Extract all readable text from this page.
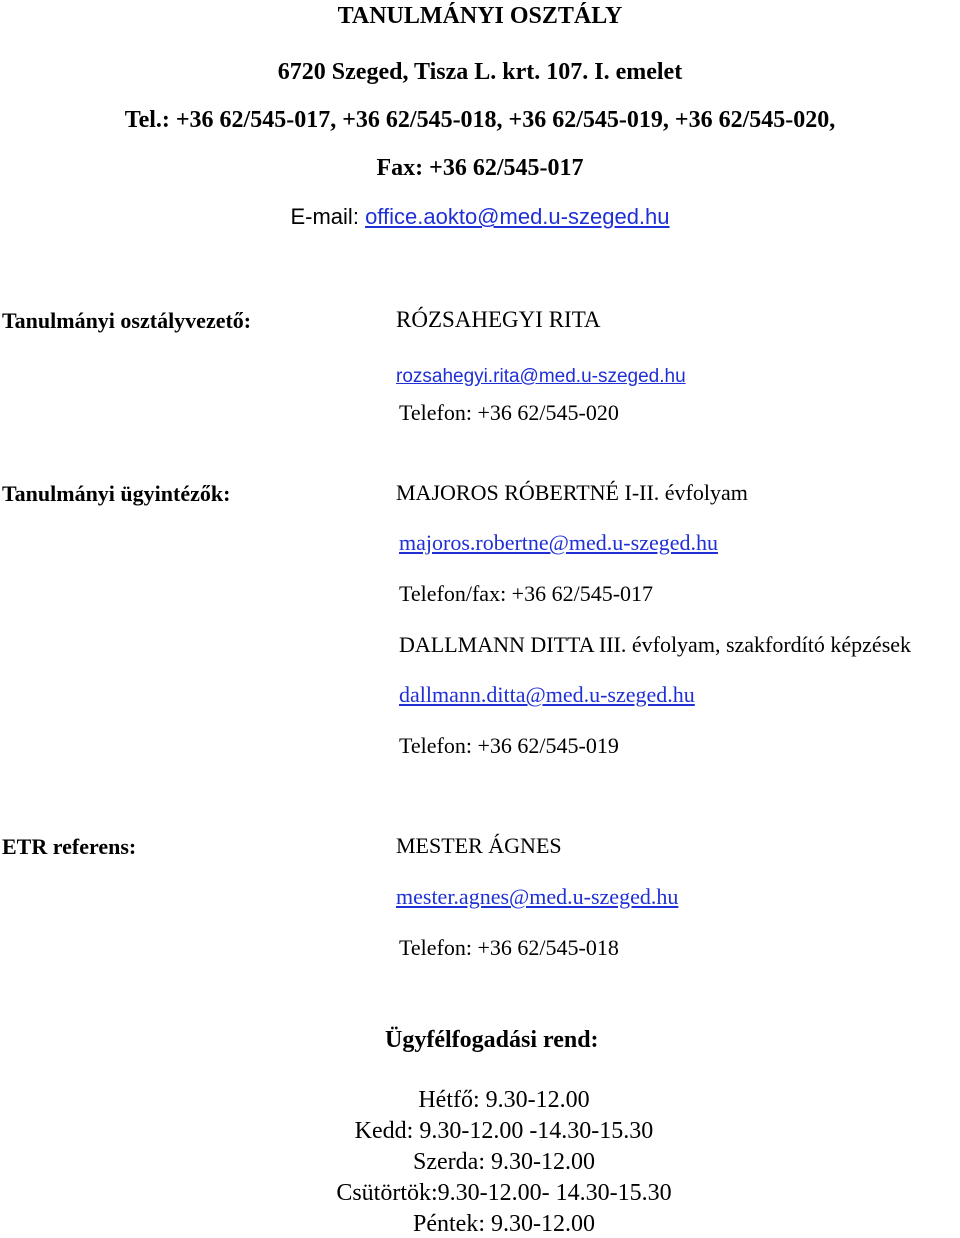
TANULMÁNYI OSZTÁLY
6720 Szeged, Tisza L. krt. 107. I. emelet
Tel.: +36 62/545-017, +36 62/545-018, +36 62/545-019, +36 62/545-020,
Fax: +36 62/545-017
E-mail: office.aokto@med.u-szeged.hu
Tanulmányi osztályvezető:	RÓZSAHEGYI RITA
rozsahegyi.rita@med.u-szeged.hu
Telefon: +36 62/545-020
Tanulmányi ügyintézők:	MAJOROS RÓBERTNÉ I-II. évfolyam
majoros.robertne@med.u-szeged.hu
Telefon/fax: +36 62/545-017
DALLMANN DITTA III. évfolyam, szakfordító képzések
dallmann.ditta@med.u-szeged.hu
Telefon: +36 62/545-019
ETR referens:	MESTER ÁGNES
mester.agnes@med.u-szeged.hu
Telefon: +36 62/545-018
Ügyfélfogadási rend:
Hétfő: 9.30-12.00
Kedd: 9.30-12.00 -14.30-15.30
Szerda: 9.30-12.00
Csütörtök:9.30-12.00- 14.30-15.30
Péntek: 9.30-12.00
